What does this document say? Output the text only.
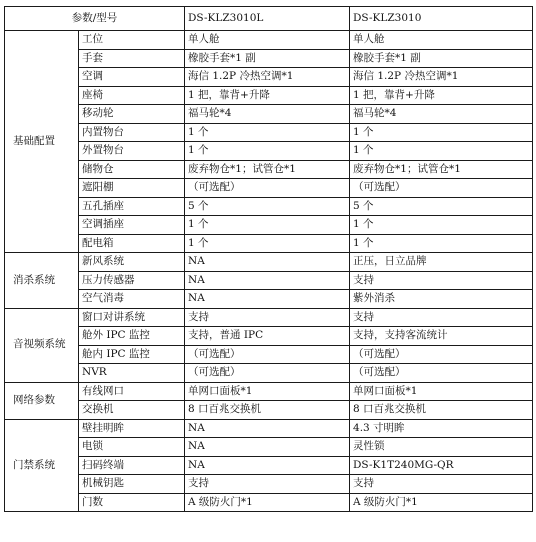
参数/型号		DS-KLZ3010L	DS-KLZ3010
基础配置	工位	单人舱	单人舱
	手套	橡胶手套*1 副	橡胶手套*1 副
	空调	海信 1.2P 冷热空调*1	海信 1.2P 冷热空调*1
	座椅	1 把，靠背+升降	1 把，靠背+升降
	移动轮	福马轮*4	福马轮*4
	内置物台	1 个	1 个
	外置物台	1 个	1 个
	储物仓	废弃物仓*1；试管仓*1	废弃物仓*1；试管仓*1
	遮阳棚	（可选配）	（可选配）
	五孔插座	5 个	5 个
	空调插座	1 个	1 个
	配电箱	1 个	1 个
消杀系统	新风系统	NA	正压，日立品牌
	压力传感器	NA	支持
	空气消毒	NA	紫外消杀
音视频系统	窗口对讲系统	支持	支持
	舱外 IPC 监控	支持，普通 IPC	支持，支持客流统计
	舱内 IPC 监控	（可选配）	（可选配）
	NVR	（可选配）	（可选配）
网络参数	有线网口	单网口面板*1	单网口面板*1
	交换机	8 口百兆交换机	8 口百兆交换机
门禁系统	壁挂明眸	NA	4.3 寸明眸
	电锁	NA	灵性锁
	扫码终端	NA	DS-K1T240MG-QR
	机械钥匙	支持	支持
	门数	A 级防火门*1	A 级防火门*1
